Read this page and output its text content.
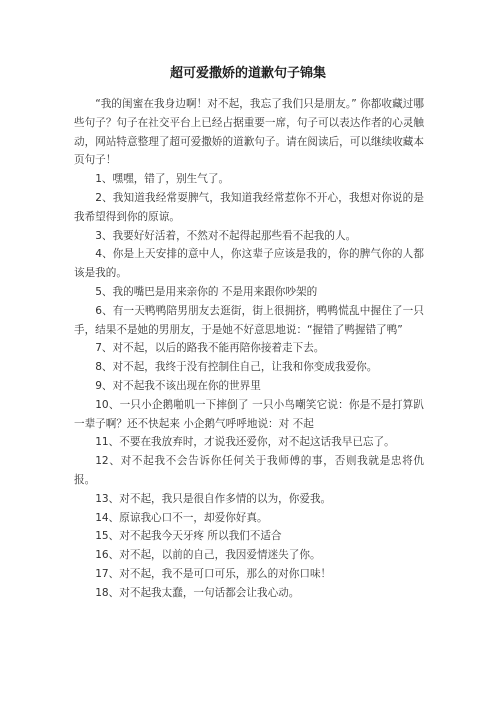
超可爱撒娇的道歉句子锦集

“我的闺蜜在我身边啊！对不起，我忘了我们只是朋友。” 你都收藏过哪些句子？句子在社交平台上已经占据重要一席，句子可以表达作者的心灵触动，网站特意整理了超可爱撒娇的道歉句子。请在阅读后，可以继续收藏本页句子！

1、嘿嘿，错了，别生气了。

2、我知道我经常耍脾气，我知道我经常惹你不开心，我想对你说的是我希望得到你的原谅。

3、我要好好活着，不然对不起得起那些看不起我的人。

4、你是上天安排的意中人，你这辈子应该是我的，你的脾气你的人都该是我的。

5、我的嘴巴是用来亲你的 不是用来跟你吵架的

6、有一天鸭鸭陪男朋友去逛街，街上很拥挤，鸭鸭慌乱中握住了一只手，结果不是她的男朋友，于是她不好意思地说：“握错了鸭握错了鸭”

7、对不起，以后的路我不能再陪你接着走下去。

8、对不起，我终于没有控制住自己，让我和你变成我爱你。

9、对不起我不该出现在你的世界里

10、一只小企鹅啪叽一下摔倒了 一只小鸟嘲笑它说：你是不是打算趴一辈子啊？还不快起来 小企鹅气呼呼地说：对 不起

11、不要在我放弃时，才说我还爱你，对不起这话我早已忘了。

12、对不起我不会告诉你任何关于我师傅的事，否则我就是忠将仇报。

13、对不起，我只是很自作多情的以为，你爱我。

14、原谅我心口不一，却爱你好真。

15、对不起我今天牙疼 所以我们不适合

16、对不起，以前的自己，我因爱情迷失了你。

17、对不起，我不是可口可乐，那么的对你口味！

18、对不起我太蠢，一句话都会让我心动。
